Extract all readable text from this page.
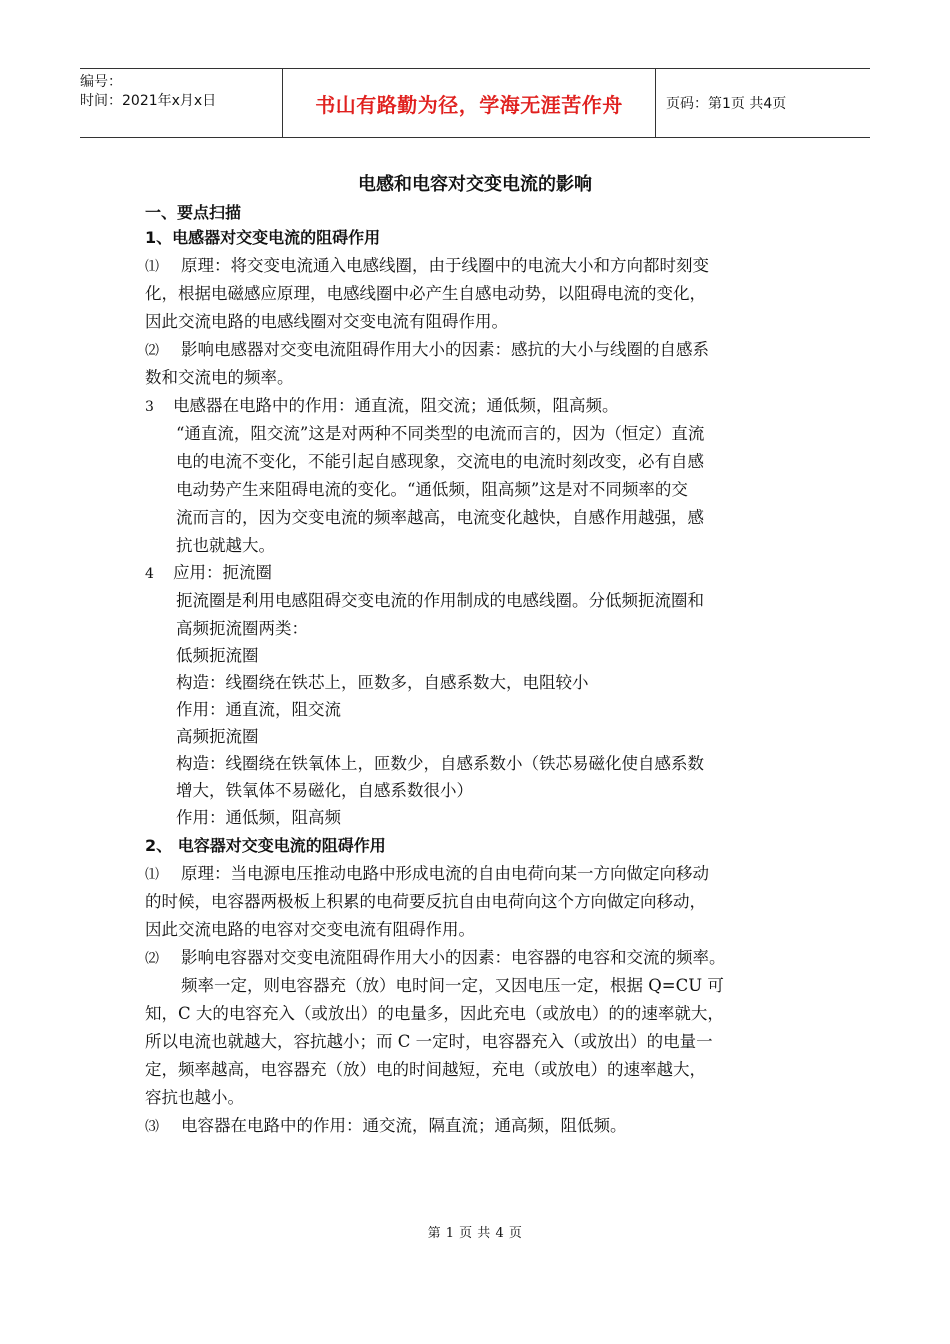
编号：
时间：2021年x月x日	书山有路勤为径，学海无涯苦作舟	页码：第1页 共4页
电感和电容对交变电流的影响
一、要点扫描
1、电感器对交变电流的阻碍作用
⑴ 原理：将交变电流通入电感线圈，由于线圈中的电流大小和方向都时刻变
化，根据电磁感应原理，电感线圈中必产生自感电动势，以阻碍电流的变化，
因此交流电路的电感线圈对交变电流有阻碍作用。
⑵ 影响电感器对交变电流阻碍作用大小的因素：感抗的大小与线圈的自感系
数和交流电的频率。
3 电感器在电路中的作用：通直流，阻交流；通低频，阻高频。
“通直流，阻交流”这是对两种不同类型的电流而言的，因为（恒定）直流
电的电流不变化，不能引起自感现象，交流电的电流时刻改变，必有自感
电动势产生来阻碍电流的变化。“通低频，阻高频”这是对不同频率的交
流而言的，因为交变电流的频率越高，电流变化越快，自感作用越强，感
抗也就越大。
4 应用：扼流圈
扼流圈是利用电感阻碍交变电流的作用制成的电感线圈。分低频扼流圈和
高频扼流圈两类：
低频扼流圈
构造：线圈绕在铁芯上，匝数多，自感系数大，电阻较小
作用：通直流，阻交流
高频扼流圈
构造：线圈绕在铁氧体上，匝数少，自感系数小（铁芯易磁化使自感系数
增大，铁氧体不易磁化，自感系数很小）
作用：通低频，阻高频
2、 电容器对交变电流的阻碍作用
⑴ 原理：当电源电压推动电路中形成电流的自由电荷向某一方向做定向移动
的时候，电容器两极板上积累的电荷要反抗自由电荷向这个方向做定向移动，
因此交流电路的电容对交变电流有阻碍作用。
⑵ 影响电容器对交变电流阻碍作用大小的因素：电容器的电容和交流的频率。
频率一定，则电容器充（放）电时间一定，又因电压一定，根据 Q=CU 可
知，C 大的电容充入（或放出）的电量多，因此充电（或放电）的的速率就大，
所以电流也就越大，容抗越小；而 C 一定时，电容器充入（或放出）的电量一
定，频率越高，电容器充（放）电的时间越短，充电（或放电）的速率越大，
容抗也越小。
⑶ 电容器在电路中的作用：通交流，隔直流；通高频，阻低频。
第 1 页 共 4 页
